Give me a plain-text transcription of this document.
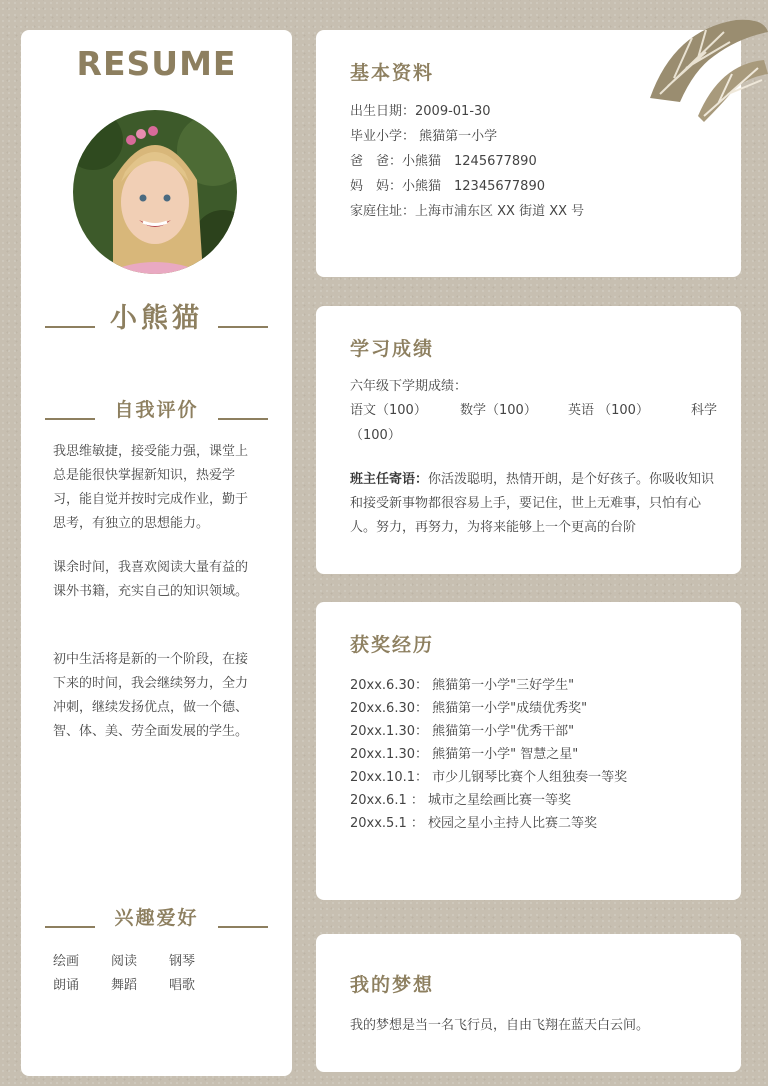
RESUME
小熊猫
自我评价

我思维敏捷，接受能力强，课堂上总是能很快掌握新知识，热爱学习，能自觉并按时完成作业，勤于思考，有独立的思想能力。

课余时间，我喜欢阅读大量有益的课外书籍，充实自己的知识领域。

初中生活将是新的一个阶段，在接下来的时间，我会继续努力，全力冲刺，继续发扬优点，做一个德、智、体、美、劳全面发展的学生。

兴趣爱好
绘画 阅读 钢琴
朗诵 舞蹈 唱歌
基本资料
出生日期：2009-01-30
毕业小学： 熊猫第一小学
爸　爸：小熊猫　1245677890
妈　妈：小熊猫　12345677890
家庭住址：上海市浦东区 XX 街道 XX 号
学习成绩
六年级下学期成绩：
语文（100）	数学（100） 英语 （100）	科学
（100）
班主任寄语：你活泼聪明，热情开朗，是个好孩子。你吸收知识和接受新事物都很容易上手，要记住，世上无难事，只怕有心人。努力，再努力，为将来能够上一个更高的台阶
获奖经历
20xx.6.30： 熊猫第一小学"三好学生"
20xx.6.30： 熊猫第一小学"成绩优秀奖"
20xx.1.30： 熊猫第一小学"优秀干部"
20xx.1.30： 熊猫第一小学" 智慧之星"
20xx.10.1： 市少儿钢琴比赛个人组独奏一等奖
20xx.6.1 ： 城市之星绘画比赛一等奖
20xx.5.1 ： 校园之星小主持人比赛二等奖
我的梦想
我的梦想是当一名飞行员，自由飞翔在蓝天白云间。
